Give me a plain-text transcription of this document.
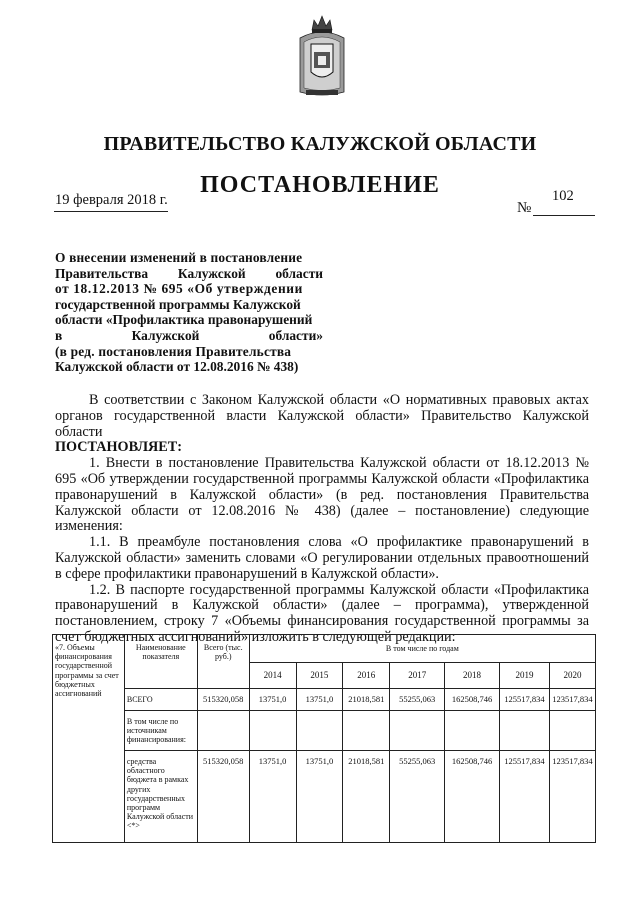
ПРАВИТЕЛЬСТВО КАЛУЖСКОЙ ОБЛАСТИ
ПОСТАНОВЛЕНИЕ
19 февраля 2018 г.	№
102
О внесении изменений в постановление
Правительства Калужской области
от 18.12.2013 № 695 «Об утверждении
государственной программы Калужской
области «Профилактика правонарушений
в	Калужской	области»
(в ред. постановления Правительства
Калужской области от 12.08.2016 № 438)

В соответствии с Законом Калужской области «О нормативных правовых актах органов государственной власти Калужской области» Правительство Калужской области

ПОСТАНОВЛЯЕТ:

1. Внести в постановление Правительства Калужской области от 18.12.2013 № 695 «Об утверждении государственной программы Калужской области «Профилактика правонарушений в Калужской области» (в ред. постановления Правительства Калужской области от 12.08.2016 № 438) (далее – постановление) следующие изменения:

1.1. В преамбуле постановления слова «О профилактике правонарушений в Калужской области» заменить словами «О регулировании отдельных правоотношений в сфере профилактики правонарушений в Калужской области».

1.2. В паспорте государственной программы Калужской области «Профилактика правонарушений в Калужской области» (далее – программа), утвержденной постановлением, строку 7 «Объемы финансирования государственной программы за счет бюджетных ассигнований» изложить в следующей редакции:

«7. Объемы финансирования государственной программы за счет бюджетных ассигнований	Наименование показателя	Всего (тыс. руб.)	В том числе по годам						
			2014	2015	2016	2017	2018	2019	2020
	ВСЕГО	515320,058	13751,0	13751,0	21018,581	55255,063	162508,746	125517,834	123517,834
	В том числе по источникам финансирования:								
	средства областного бюджета в рамках других государственных программ Калужской области <*>	515320,058	13751,0	13751,0	21018,581	55255,063	162508,746	125517,834	123517,834
